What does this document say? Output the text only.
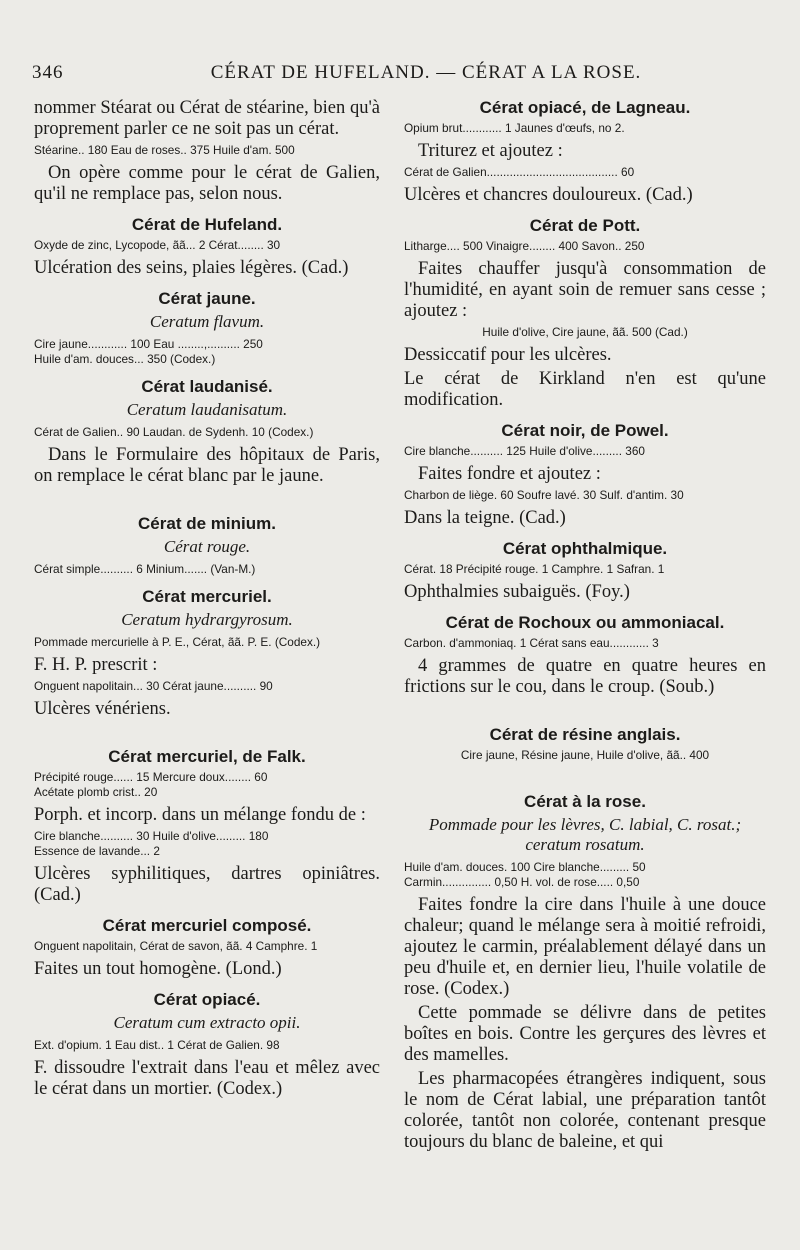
346	CÉRAT DE HUFELAND. — CÉRAT A LA ROSE.

nommer Stéarat ou Cérat de stéarine, bien qu'à proprement parler ce ne soit pas un cérat.

Stéarine.. 180 Eau de roses.. 375 Huile d'am. 500

On opère comme pour le cérat de Galien, qu'il ne remplace pas, selon nous.

Cérat de Hufeland.
Oxyde de zinc, Lycopode, ãã... 2 Cérat........ 30

Ulcération des seins, plaies légères. (Cad.)

Cérat jaune.
Ceratum flavum.
Cire jaune............ 100 Eau ........,.......... 250
Huile d'am. douces... 350 (Codex.)
Cérat laudanisé.
Ceratum laudanisatum.
Cérat de Galien.. 90 Laudan. de Sydenh. 10 (Codex.)

Dans le Formulaire des hôpitaux de Paris, on remplace le cérat blanc par le jaune.

Cérat de minium.
Cérat rouge.
Cérat simple.......... 6 Minium....... (Van-M.)
Cérat mercuriel.
Ceratum hydrargyrosum.
Pommade mercurielle à P. E., Cérat, ãã. P. E. (Codex.)

F. H. P. prescrit :

Onguent napolitain... 30 Cérat jaune.......... 90

Ulcères vénériens.

Cérat mercuriel, de Falk.
Précipité rouge...... 15 Mercure doux........ 60
Acétate plomb crist.. 20

Porph. et incorp. dans un mélange fondu de :

Cire blanche.......... 30 Huile d'olive......... 180
Essence de lavande... 2

Ulcères syphilitiques, dartres opiniâtres. (Cad.)

Cérat mercuriel composé.
Onguent napolitain, Cérat de savon, ãã. 4 Camphre. 1

Faites un tout homogène. (Lond.)

Cérat opiacé.
Ceratum cum extracto opii.
Ext. d'opium. 1 Eau dist.. 1 Cérat de Galien. 98

F. dissoudre l'extrait dans l'eau et mêlez avec le cérat dans un mortier. (Codex.)

Cérat opiacé, de Lagneau.
Opium brut............ 1 Jaunes d'œufs, no 2.

Triturez et ajoutez :

Cérat de Galien........................................ 60

Ulcères et chancres douloureux. (Cad.)

Cérat de Pott.
Litharge.... 500 Vinaigre........ 400 Savon.. 250

Faites chauffer jusqu'à consommation de l'humidité, en ayant soin de remuer sans cesse ; ajoutez :

Huile d'olive, Cire jaune, ãã. 500 (Cad.)

Dessiccatif pour les ulcères.

Le cérat de Kirkland n'en est qu'une modification.

Cérat noir, de Powel.
Cire blanche.......... 125 Huile d'olive......... 360

Faites fondre et ajoutez :

Charbon de liège. 60 Soufre lavé. 30 Sulf. d'antim. 30

Dans la teigne. (Cad.)

Cérat ophthalmique.
Cérat. 18 Précipité rouge. 1 Camphre. 1 Safran. 1

Ophthalmies subaiguës. (Foy.)

Cérat de Rochoux ou ammoniacal.
Carbon. d'ammoniaq. 1 Cérat sans eau............ 3

4 grammes de quatre en quatre heures en frictions sur le cou, dans le croup. (Soub.)

Cérat de résine anglais.
Cire jaune, Résine jaune, Huile d'olive, ãã.. 400
Cérat à la rose.
Pommade pour les lèvres, C. labial, C. rosat.; ceratum rosatum.
Huile d'am. douces. 100 Cire blanche......... 50
Carmin............... 0,50 H. vol. de rose..... 0,50

Faites fondre la cire dans l'huile à une douce chaleur; quand le mélange sera à moitié refroidi, ajoutez le carmin, préalablement délayé dans un peu d'huile et, en dernier lieu, l'huile volatile de rose. (Codex.)

Cette pommade se délivre dans de petites boîtes en bois. Contre les gerçures des lèvres et des mamelles.

Les pharmacopées étrangères indiquent, sous le nom de Cérat labial, une préparation tantôt colorée, tantôt non colorée, contenant presque toujours du blanc de baleine, et qui
